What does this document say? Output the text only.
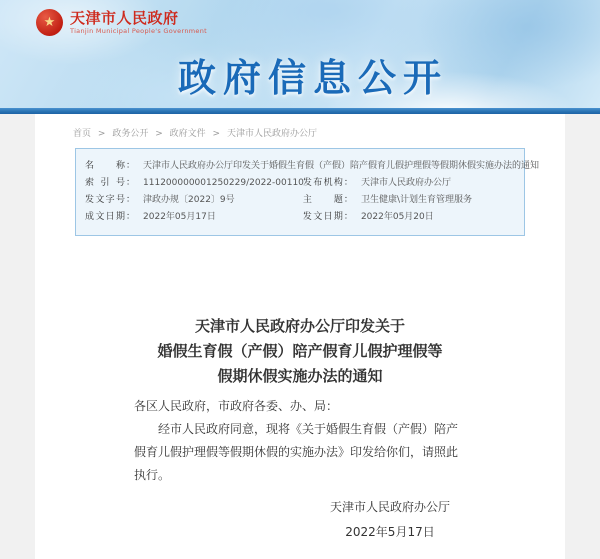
★ 天津市人民政府
Tianjin Municipal People's Government
政府信息公开
首页 > 政务公开 > 政府文件 > 天津市人民政府办公厅
名称 ： 天津市人民政府办公厅印发关于婚假生育假（产假）陪产假育儿假护理假等假期休假实施办法的通知
索引号 ： 111200000001250229/2022-00110 发布机构 ： 天津市人民政府办公厅
发文字号 ： 津政办规〔2022〕9号	主题 ： 卫生健康\计划生育管理服务
成文日期 ： 2022年05月17日	发文日期 ： 2022年05月20日
天津市人民政府办公厅印发关于
婚假生育假（产假）陪产假育儿假护理假等
假期休假实施办法的通知

各区人民政府，市政府各委、办、局：

经市人民政府同意，现将《关于婚假生育假（产假）陪产假育儿假护理假等假期休假的实施办法》印发给你们，请照此执行。

天津市人民政府办公厅
2022年5月17日
